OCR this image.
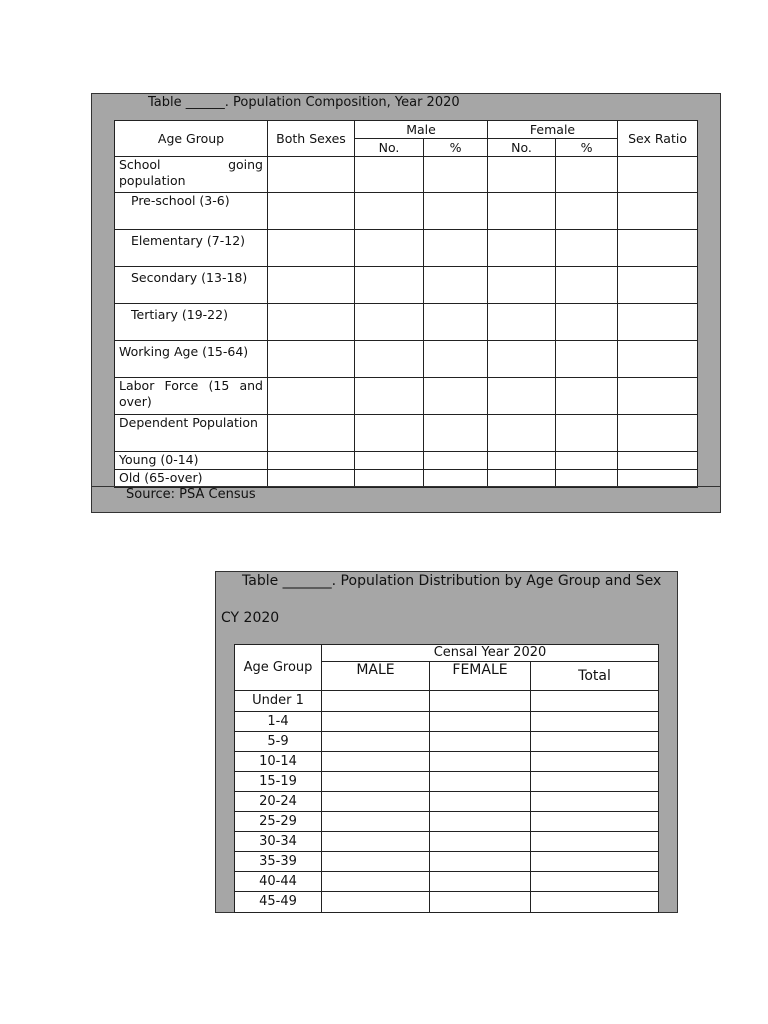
Table ______. Population Composition, Year 2020
Age Group	Both Sexes	Male		Female		Sex Ratio
		No.	%	No.	%	
School going population						
Pre-school (3-6)						
Elementary (7-12)						
Secondary (13-18)						
Tertiary (19-22)						
Working Age (15-64)						
Labor Force (15 and over)						
Dependent Population						
Young (0-14)						
Old (65-over)						
Source: PSA Census
Table _______. Population Distribution by Age Group and Sex
CY 2020
Age Group	Censal Year 2020		
	MALE	FEMALE	Total
Under 1			
1-4			
5-9			
10-14			
15-19			
20-24			
25-29			
30-34			
35-39			
40-44			
45-49			
